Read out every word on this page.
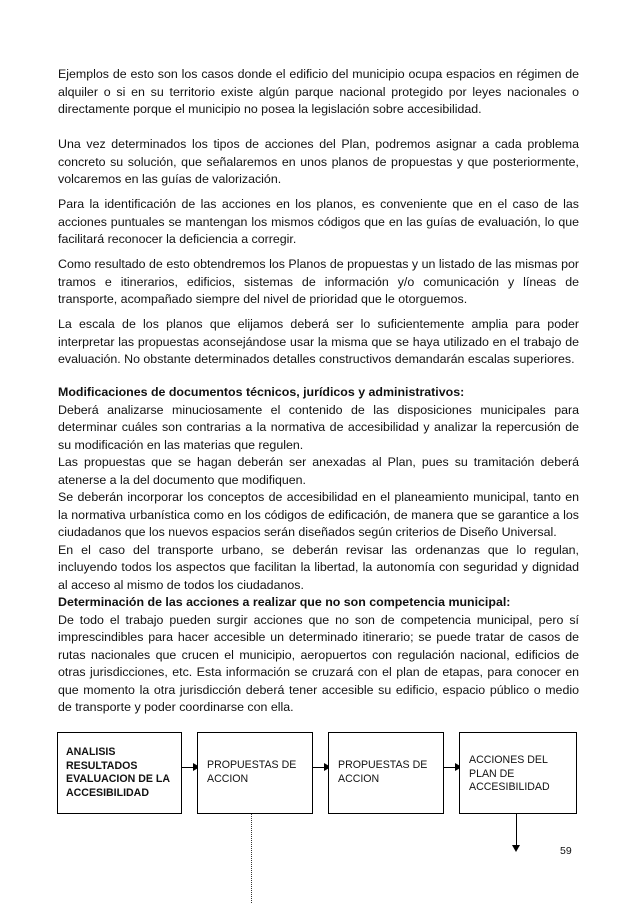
Ejemplos de esto son los casos donde el edificio del municipio ocupa espacios en régimen de alquiler o si en su territorio existe algún parque nacional protegido por leyes nacionales o directamente porque el municipio no posea la legislación sobre accesibilidad.

Una vez determinados los tipos de acciones del Plan, podremos asignar a cada problema concreto su solución, que señalaremos en unos planos de propuestas y que posteriormente, volcaremos en las guías de valorización.

Para la identificación de las acciones en los planos, es conveniente que en el caso de las acciones puntuales se mantengan los mismos códigos que en las guías de evaluación, lo que facilitará reconocer la deficiencia a corregir.

Como resultado de esto obtendremos los Planos de propuestas y un listado de las mismas por tramos e itinerarios, edificios, sistemas de información y/o comunicación y líneas de transporte, acompañado siempre del nivel de prioridad que le otorguemos.

La escala de los planos que elijamos deberá ser lo suficientemente amplia para poder interpretar las propuestas aconsejándose usar la misma que se haya utilizado en el trabajo de evaluación. No obstante determinados detalles constructivos demandarán escalas superiores.

Modificaciones de documentos técnicos, jurídicos y administrativos:
Deberá analizarse minuciosamente el contenido de las disposiciones municipales para determinar cuáles son contrarias a la normativa de accesibilidad y analizar la repercusión de su modificación en las materias que regulen.
Las propuestas que se hagan deberán ser anexadas al Plan, pues su tramitación deberá atenerse a la del documento que modifiquen.
Se deberán incorporar los conceptos de accesibilidad en el planeamiento municipal, tanto en la normativa urbanística como en los códigos de edificación, de manera que se garantice a los ciudadanos que los nuevos espacios serán diseñados según criterios de Diseño Universal.
En el caso del transporte urbano, se deberán revisar las ordenanzas que lo regulan, incluyendo todos los aspectos que facilitan la libertad, la autonomía con seguridad y dignidad al acceso al mismo de todos los ciudadanos.
Determinación de las acciones a realizar que no son competencia municipal:
De todo el trabajo pueden surgir acciones que no son de competencia municipal, pero sí imprescindibles para hacer accesible un determinado itinerario; se puede tratar de casos de rutas nacionales que crucen el municipio, aeropuertos con regulación nacional, edificios de otras jurisdicciones, etc. Esta información se cruzará con el plan de etapas, para conocer en que momento la otra jurisdicción deberá tener accesible su edificio, espacio público o medio de transporte y poder coordinarse con ella.
ANALISIS
RESULTADOS
EVALUACION DE LA
ACCESIBILIDAD
PROPUESTAS DE
ACCION
PROPUESTAS DE
ACCION
ACCIONES DEL
PLAN DE
ACCESIBILIDAD
59
